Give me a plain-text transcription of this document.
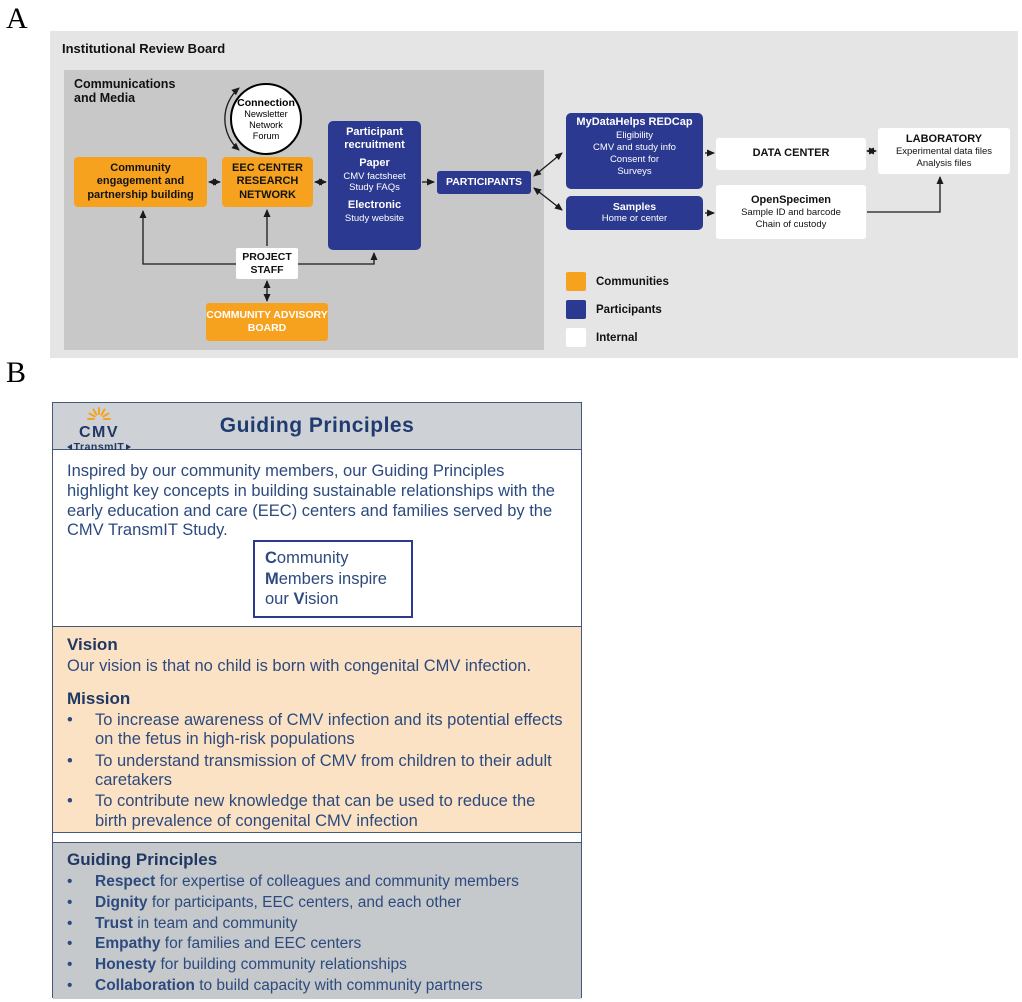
A
Institutional Review Board
Communications and Media	Connection
Newsletter
Network
Forum
Community engagement and partnership building
EEC CENTER
RESEARCH
NETWORK
Participant recruitment
Paper
CMV factsheet
Study FAQs
Electronic
Study website
PARTICIPANTS
PROJECT STAFF
COMMUNITY ADVISORY BOARD
MyDataHelps REDCap
Eligibility
CMV and study info
Consent for
Surveys
Samples
Home or center
DATA CENTER
OpenSpecimen
Sample ID and barcode
Chain of custody
LABORATORY
Experimental data files
Analysis files
Communities
Participants
Internal
B
CMV
TransmIT
Guiding Principles
Inspired by our community members, our Guiding Principles highlight key concepts in building sustainable relationships with the early education and care (EEC) centers and families served by the CMV TransmIT Study.
Community
Members inspire
our Vision
Vision
Our vision is that no child is born with congenital CMV infection.
Mission
•
To increase awareness of CMV infection and its potential effects on the fetus in high-risk populations
•
To understand transmission of CMV from children to their adult caretakers
•
To contribute new knowledge that can be used to reduce the birth prevalence of congenital CMV infection
Guiding Principles
•
Respect for expertise of colleagues and community members
•
Dignity for participants, EEC centers, and each other
•
Trust in team and community
•
Empathy for families and EEC centers
•
Honesty for building community relationships
•
Collaboration to build capacity with community partners
